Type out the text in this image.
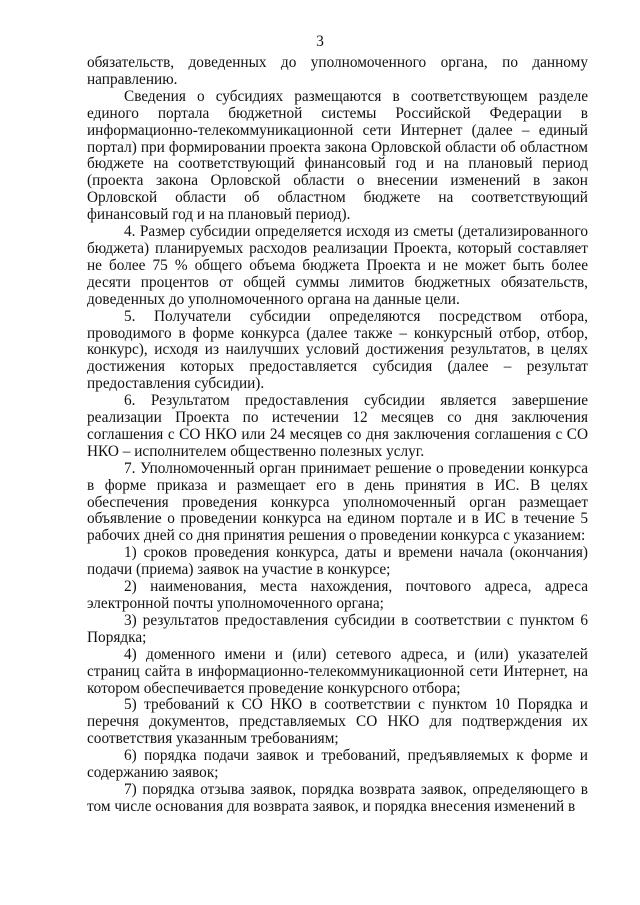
3

обязательств, доведенных до уполномоченного органа, по данному направлению.

Сведения о субсидиях размещаются в соответствующем разделе единого портала бюджетной системы Российской Федерации в информационно-телекоммуникационной сети Интернет (далее – единый портал) при формировании проекта закона Орловской области об областном бюджете на соответствующий финансовый год и на плановый период (проекта закона Орловской области о внесении изменений в закон Орловской области об областном бюджете на соответствующий финансовый год и на плановый период).

4. Размер субсидии определяется исходя из сметы (детализированного бюджета) планируемых расходов реализации Проекта, который составляет не более 75 % общего объема бюджета Проекта и не может быть более десяти процентов от общей суммы лимитов бюджетных обязательств, доведенных до уполномоченного органа на данные цели.

5. Получатели субсидии определяются посредством отбора, проводимого в форме конкурса (далее также – конкурсный отбор, отбор, конкурс), исходя из наилучших условий достижения результатов, в целях достижения которых предоставляется субсидия (далее – результат предоставления субсидии).

6. Результатом предоставления субсидии является завершение реализации Проекта по истечении 12 месяцев со дня заключения соглашения с СО НКО или 24 месяцев со дня заключения соглашения с СО НКО – исполнителем общественно полезных услуг.

7. Уполномоченный орган принимает решение о проведении конкурса в форме приказа и размещает его в день принятия в ИС. В целях обеспечения проведения конкурса уполномоченный орган размещает объявление о проведении конкурса на едином портале и в ИС в течение 5 рабочих дней со дня принятия решения о проведении конкурса с указанием:

1) сроков проведения конкурса, даты и времени начала (окончания) подачи (приема) заявок на участие в конкурсе;

2) наименования, места нахождения, почтового адреса, адреса электронной почты уполномоченного органа;

3) результатов предоставления субсидии в соответствии с пунктом 6 Порядка;

4) доменного имени и (или) сетевого адреса, и (или) указателей страниц сайта в информационно-телекоммуникационной сети Интернет, на котором обеспечивается проведение конкурсного отбора;

5) требований к СО НКО в соответствии с пунктом 10 Порядка и перечня документов, представляемых СО НКО для подтверждения их соответствия указанным требованиям;

6) порядка подачи заявок и требований, предъявляемых к форме и содержанию заявок;

7) порядка отзыва заявок, порядка возврата заявок, определяющего в том числе основания для возврата заявок, и порядка внесения изменений в
